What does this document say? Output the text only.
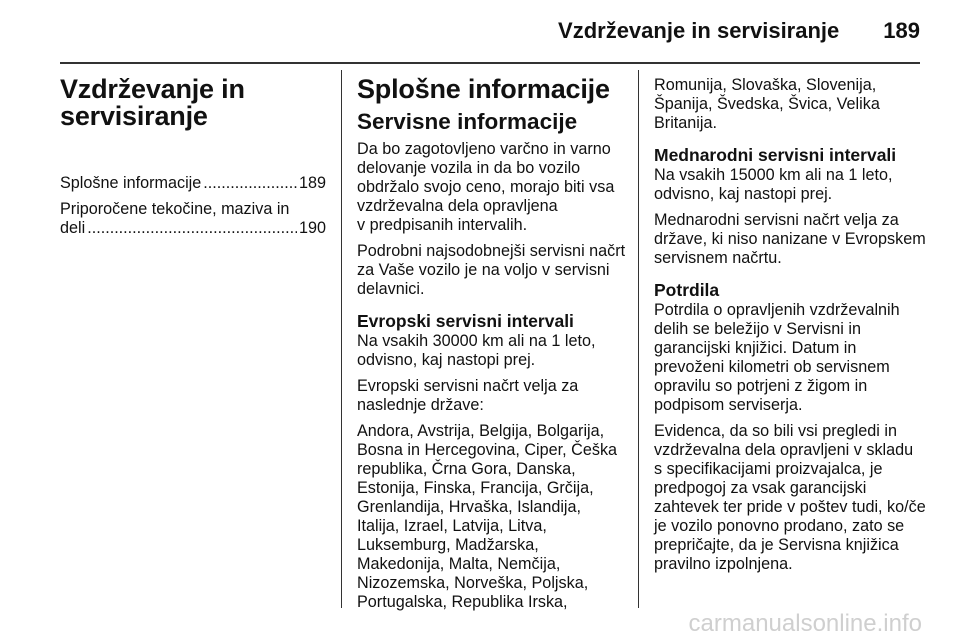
Vzdrževanje in servisiranje 189
Vzdrževanje in
servisiranje
Splošne informacije .....	189
Priporočene tekočine, maziva in
deli .....	190
Splošne informacije
Servisne informacije

Da bo zagotovljeno varčno in varno
delovanje vozila in da bo vozilo
obdržalo svojo ceno, morajo biti vsa
vzdrževalna dela opravljena
v predpisanih intervalih.

Podrobni najsodobnejši servisni načrt
za Vaše vozilo je na voljo v servisni
delavnici.

Evropski servisni intervali

Na vsakih 30000 km ali na 1 leto,
odvisno, kaj nastopi prej.

Evropski servisni načrt velja za
naslednje države:

Andora, Avstrija, Belgija, Bolgarija,
Bosna in Hercegovina, Ciper, Češka
republika, Črna Gora, Danska,
Estonija, Finska, Francija, Grčija,
Grenlandija, Hrvaška, Islandija,
Italija, Izrael, Latvija, Litva,
Luksemburg, Madžarska,
Makedonija, Malta, Nemčija,
Nizozemska, Norveška, Poljska,
Portugalska, Republika Irska,

Romunija, Slovaška, Slovenija,
Španija, Švedska, Švica, Velika
Britanija.

Mednarodni servisni intervali

Na vsakih 15000 km ali na 1 leto,
odvisno, kaj nastopi prej.

Mednarodni servisni načrt velja za
države, ki niso nanizane v Evropskem
servisnem načrtu.

Potrdila

Potrdila o opravljenih vzdrževalnih
delih se beležijo v Servisni in
garancijski knjižici. Datum in
prevoženi kilometri ob servisnem
opravilu so potrjeni z žigom in
podpisom serviserja.

Evidenca, da so bili vsi pregledi in
vzdrževalna dela opravljeni v skladu
s specifikacijami proizvajalca, je
predpogoj za vsak garancijski
zahtevek ter pride v poštev tudi, ko/če
je vozilo ponovno prodano, zato se
prepričajte, da je Servisna knjižica
pravilno izpolnjena.

carmanualsonline.info
